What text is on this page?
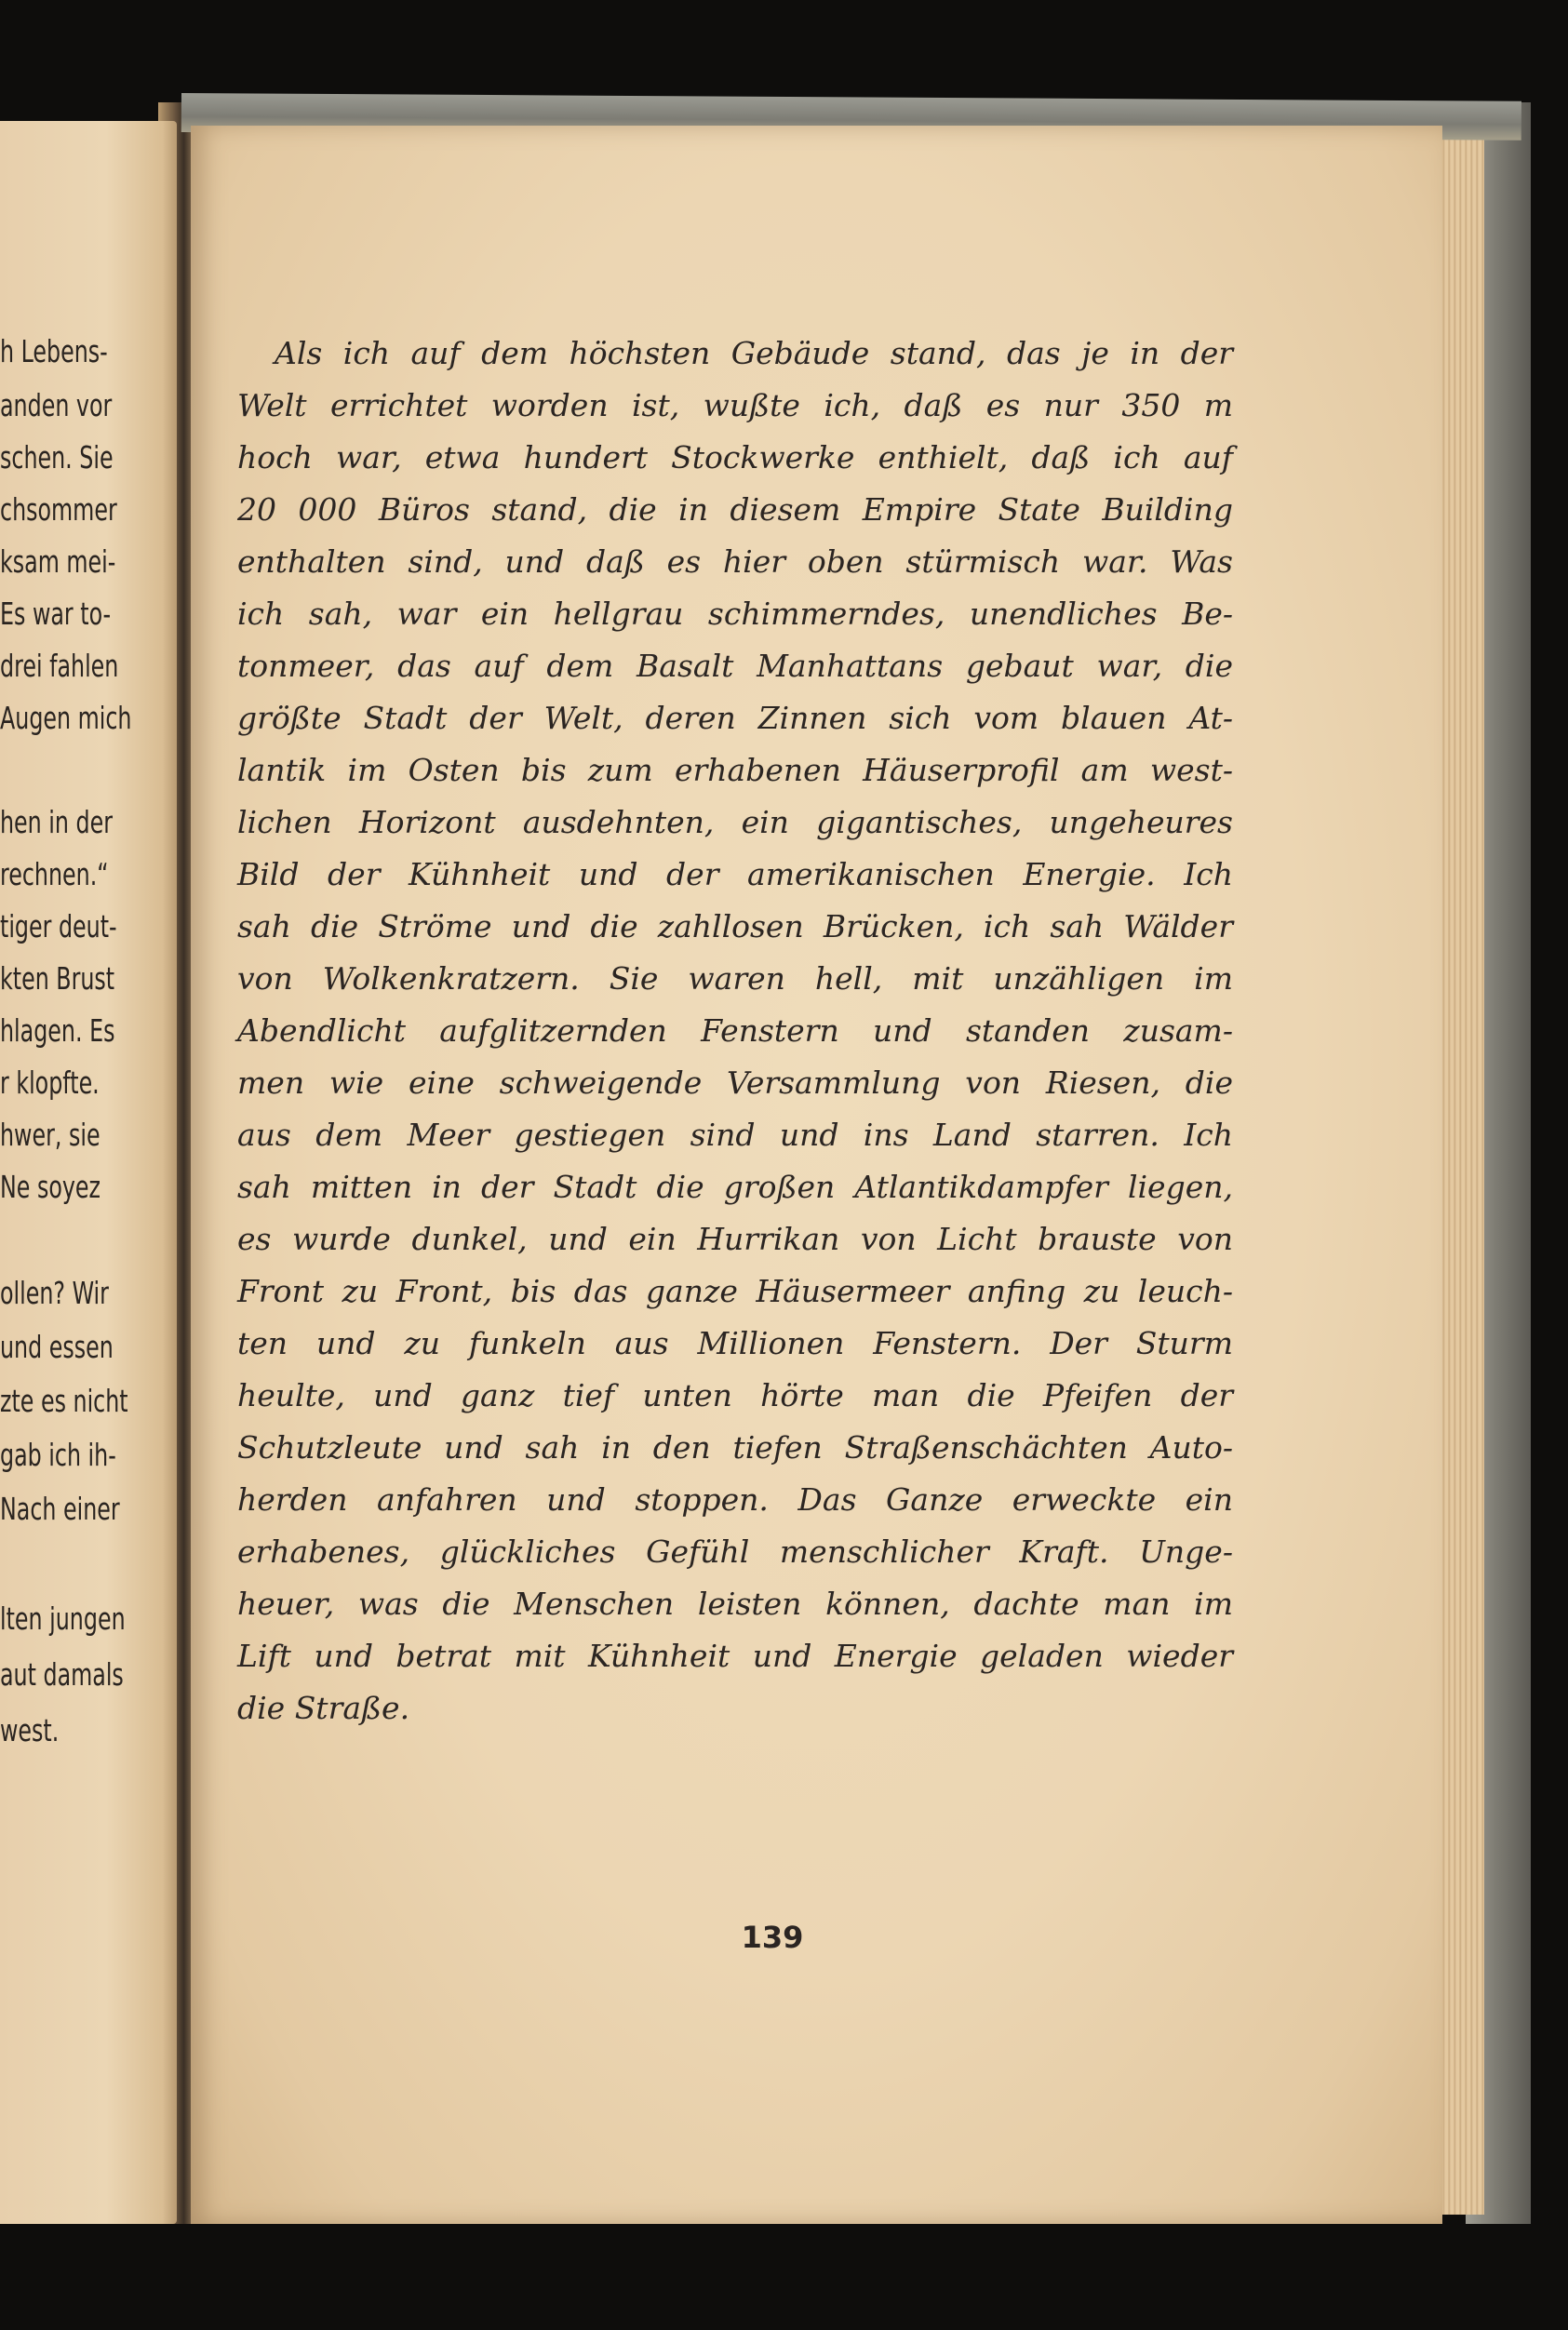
h Lebens-
anden vor
schen. Sie
chsommer
ksam mei-
Es war to-
drei fahlen
Augen mich
hen in der
rechnen.“
tiger deut-
kten Brust
hlagen. Es
r klopfte.
hwer, sie
Ne soyez
ollen? Wir
und essen
zte es nicht
gab ich ih-
Nach einer
lten jungen
aut damals
west.
Als ich auf dem höchsten Gebäude stand, das je in der
Welt errichtet worden ist, wußte ich, daß es nur 350 m
hoch war, etwa hundert Stockwerke enthielt, daß ich auf
20 000 Büros stand, die in diesem Empire State Building
enthalten sind, und daß es hier oben stürmisch war. Was
ich sah, war ein hellgrau schimmerndes, unendliches Be-
tonmeer, das auf dem Basalt Manhattans gebaut war, die
größte Stadt der Welt, deren Zinnen sich vom blauen At-
lantik im Osten bis zum erhabenen Häuserprofil am west-
lichen Horizont ausdehnten, ein gigantisches, ungeheures
Bild der Kühnheit und der amerikanischen Energie. Ich
sah die Ströme und die zahllosen Brücken, ich sah Wälder
von Wolkenkratzern. Sie waren hell, mit unzähligen im
Abendlicht aufglitzernden Fenstern und standen zusam-
men wie eine schweigende Versammlung von Riesen, die
aus dem Meer gestiegen sind und ins Land starren. Ich
sah mitten in der Stadt die großen Atlantikdampfer liegen,
es wurde dunkel, und ein Hurrikan von Licht brauste von
Front zu Front, bis das ganze Häusermeer anfing zu leuch-
ten und zu funkeln aus Millionen Fenstern. Der Sturm
heulte, und ganz tief unten hörte man die Pfeifen der
Schutzleute und sah in den tiefen Straßenschächten Auto-
herden anfahren und stoppen. Das Ganze erweckte ein
erhabenes, glückliches Gefühl menschlicher Kraft. Unge-
heuer, was die Menschen leisten können, dachte man im
Lift und betrat mit Kühnheit und Energie geladen wieder
die Straße.
139
